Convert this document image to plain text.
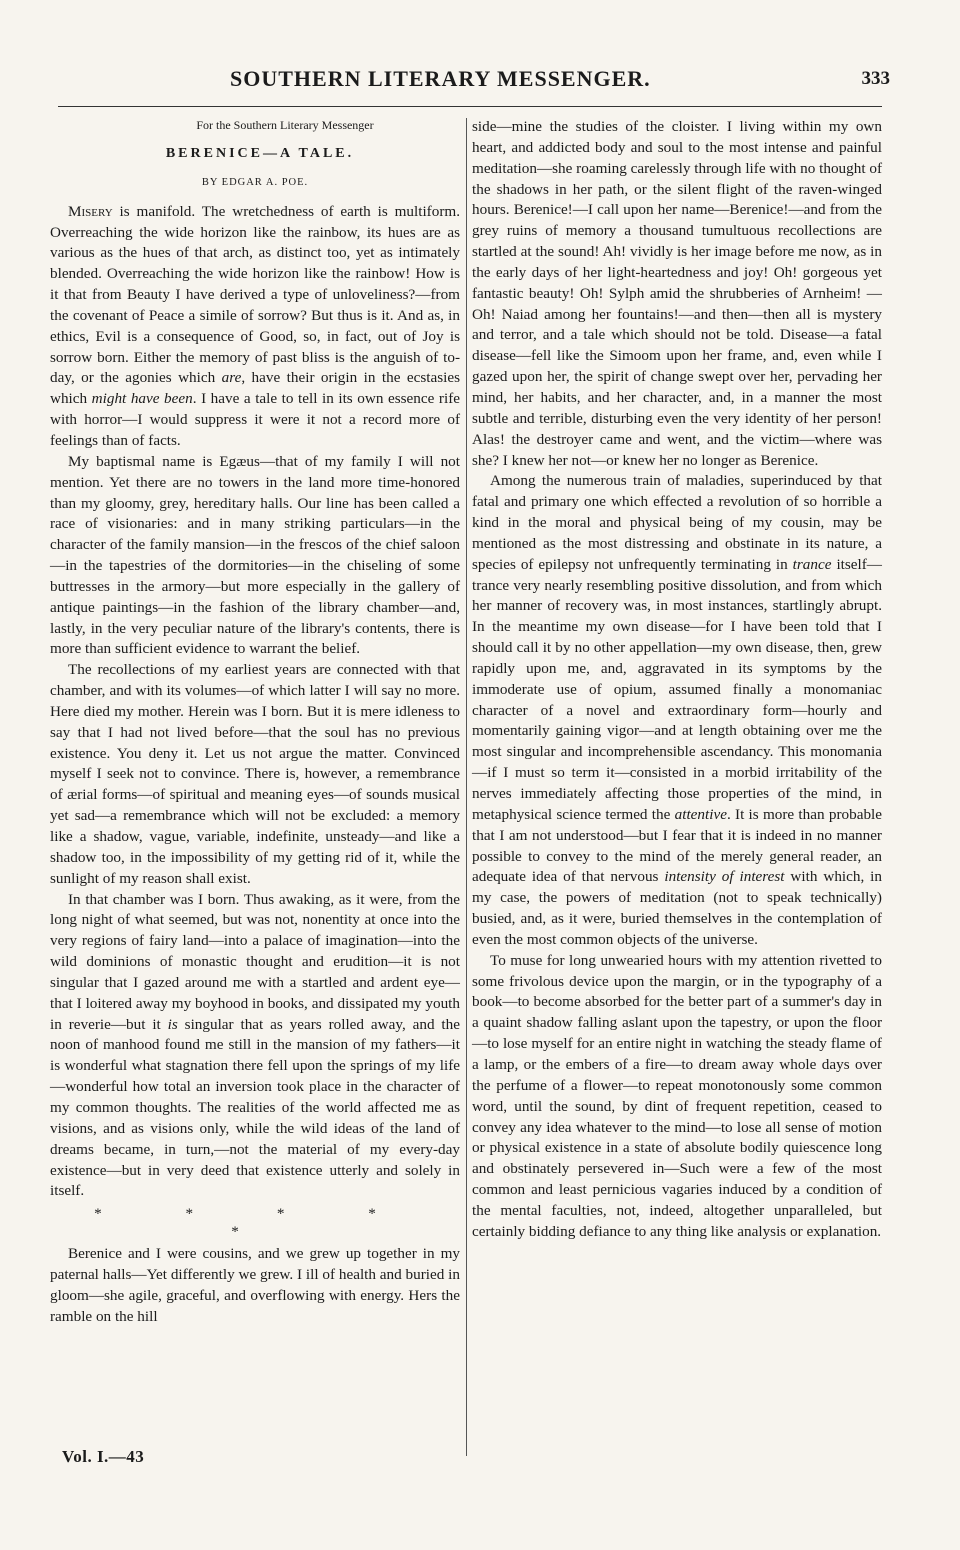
SOUTHERN LITERARY MESSENGER.	333
For the Southern Literary Messenger
BERENICE—A TALE.
BY EDGAR A. POE.

Misery is manifold. The wretchedness of earth is multiform. Overreaching the wide horizon like the rainbow, its hues are as various as the hues of that arch, as distinct too, yet as intimately blended. Overreaching the wide horizon like the rainbow! How is it that from Beauty I have derived a type of unloveliness?—from the covenant of Peace a simile of sorrow? But thus is it. And as, in ethics, Evil is a consequence of Good, so, in fact, out of Joy is sorrow born. Either the memory of past bliss is the anguish of to-day, or the agonies which are, have their origin in the ecstasies which might have been. I have a tale to tell in its own essence rife with horror—I would suppress it were it not a record more of feelings than of facts.

My baptismal name is Egæus—that of my family I will not mention. Yet there are no towers in the land more time-honored than my gloomy, grey, hereditary halls. Our line has been called a race of visionaries: and in many striking particulars—in the character of the family mansion—in the frescos of the chief saloon—in the tapestries of the dormitories—in the chiseling of some buttresses in the armory—but more especially in the gallery of antique paintings—in the fashion of the library chamber—and, lastly, in the very peculiar nature of the library's contents, there is more than sufficient evidence to warrant the belief.

The recollections of my earliest years are connected with that chamber, and with its volumes—of which latter I will say no more. Here died my mother. Herein was I born. But it is mere idleness to say that I had not lived before—that the soul has no previous existence. You deny it. Let us not argue the matter. Convinced myself I seek not to convince. There is, however, a remembrance of ærial forms—of spiritual and meaning eyes—of sounds musical yet sad—a remembrance which will not be excluded: a memory like a shadow, vague, variable, indefinite, unsteady—and like a shadow too, in the impossibility of my getting rid of it, while the sunlight of my reason shall exist.

In that chamber was I born. Thus awaking, as it were, from the long night of what seemed, but was not, nonentity at once into the very regions of fairy land—into a palace of imagination—into the wild dominions of monastic thought and erudition—it is not singular that I gazed around me with a startled and ardent eye—that I loitered away my boyhood in books, and dissipated my youth in reverie—but it is singular that as years rolled away, and the noon of manhood found me still in the mansion of my fathers—it is wonderful what stagnation there fell upon the springs of my life—wonderful how total an inversion took place in the character of my common thoughts. The realities of the world affected me as visions, and as visions only, while the wild ideas of the land of dreams became, in turn,—not the material of my every-day existence—but in very deed that existence utterly and solely in itself.

* * * * *

Berenice and I were cousins, and we grew up together in my paternal halls—Yet differently we grew. I ill of health and buried in gloom—she agile, graceful, and overflowing with energy. Hers the ramble on the hill

side—mine the studies of the cloister. I living within my own heart, and addicted body and soul to the most intense and painful meditation—she roaming carelessly through life with no thought of the shadows in her path, or the silent flight of the raven-winged hours. Berenice!—I call upon her name—Berenice!—and from the grey ruins of memory a thousand tumultuous recollections are startled at the sound! Ah! vividly is her image before me now, as in the early days of her light-heartedness and joy! Oh! gorgeous yet fantastic beauty! Oh! Sylph amid the shrubberies of Arnheim! —Oh! Naiad among her fountains!—and then—then all is mystery and terror, and a tale which should not be told. Disease—a fatal disease—fell like the Simoom upon her frame, and, even while I gazed upon her, the spirit of change swept over her, pervading her mind, her habits, and her character, and, in a manner the most subtle and terrible, disturbing even the very identity of her person! Alas! the destroyer came and went, and the victim—where was she? I knew her not—or knew her no longer as Berenice.

Among the numerous train of maladies, superinduced by that fatal and primary one which effected a revolution of so horrible a kind in the moral and physical being of my cousin, may be mentioned as the most distressing and obstinate in its nature, a species of epilepsy not unfrequently terminating in trance itself—trance very nearly resembling positive dissolution, and from which her manner of recovery was, in most instances, startlingly abrupt. In the meantime my own disease—for I have been told that I should call it by no other appellation—my own disease, then, grew rapidly upon me, and, aggravated in its symptoms by the immoderate use of opium, assumed finally a monomaniac character of a novel and extraordinary form—hourly and momentarily gaining vigor—and at length obtaining over me the most singular and incomprehensible ascendancy. This monomania—if I must so term it—consisted in a morbid irritability of the nerves immediately affecting those properties of the mind, in metaphysical science termed the attentive. It is more than probable that I am not understood—but I fear that it is indeed in no manner possible to convey to the mind of the merely general reader, an adequate idea of that nervous intensity of interest with which, in my case, the powers of meditation (not to speak technically) busied, and, as it were, buried themselves in the contemplation of even the most common objects of the universe.

To muse for long unwearied hours with my attention rivetted to some frivolous device upon the margin, or in the typography of a book—to become absorbed for the better part of a summer's day in a quaint shadow falling aslant upon the tapestry, or upon the floor—to lose myself for an entire night in watching the steady flame of a lamp, or the embers of a fire—to dream away whole days over the perfume of a flower—to repeat monotonously some common word, until the sound, by dint of frequent repetition, ceased to convey any idea whatever to the mind—to lose all sense of motion or physical existence in a state of absolute bodily quiescence long and obstinately persevered in—Such were a few of the most common and least pernicious vagaries induced by a condition of the mental faculties, not, indeed, altogether unparalleled, but certainly bidding defiance to any thing like analysis or explanation.

Vol. I.—43
